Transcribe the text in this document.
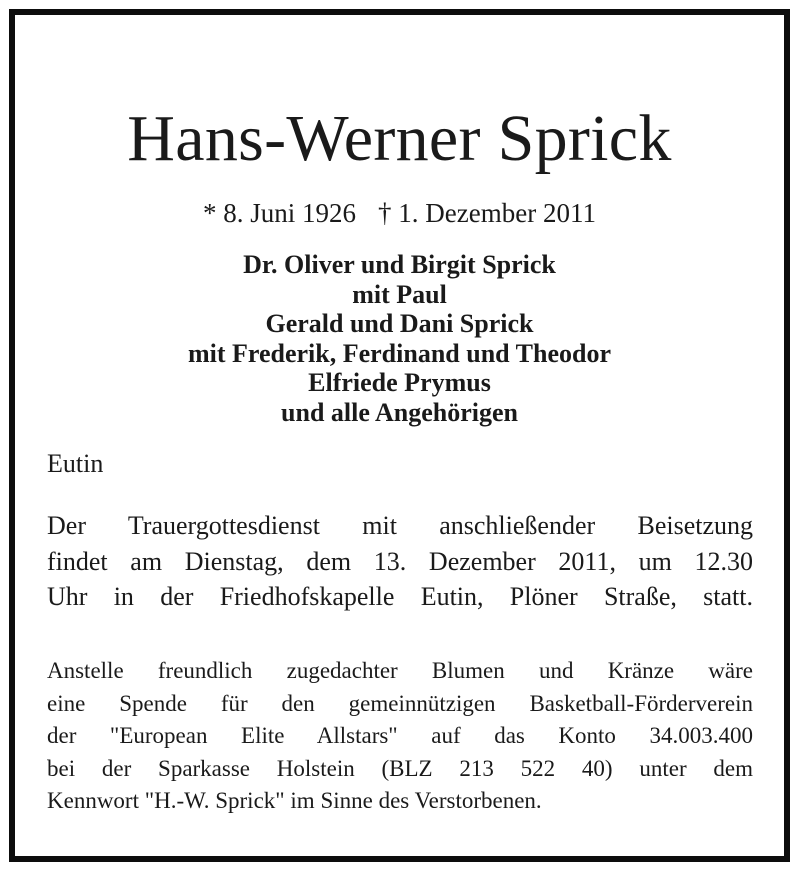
Hans-Werner Sprick
* 8. Juni 1926 † 1. Dezember 2011
Dr. Oliver und Birgit Sprick
mit Paul
Gerald und Dani Sprick
mit Frederik, Ferdinand und Theodor
Elfriede Prymus
und alle Angehörigen
Eutin
Der Trauergottesdienst mit anschließender Beisetzung
findet am Dienstag, dem 13. Dezember 2011, um 12.30
Uhr in der Friedhofskapelle Eutin, Plöner Straße, statt.
Anstelle freundlich zugedachter Blumen und Kränze wäre
eine Spende für den gemeinnützigen Basketball-Förderverein
der "European Elite Allstars" auf das Konto 34.003.400
bei der Sparkasse Holstein (BLZ 213 522 40) unter dem
Kennwort "H.-W. Sprick" im Sinne des Verstorbenen.
